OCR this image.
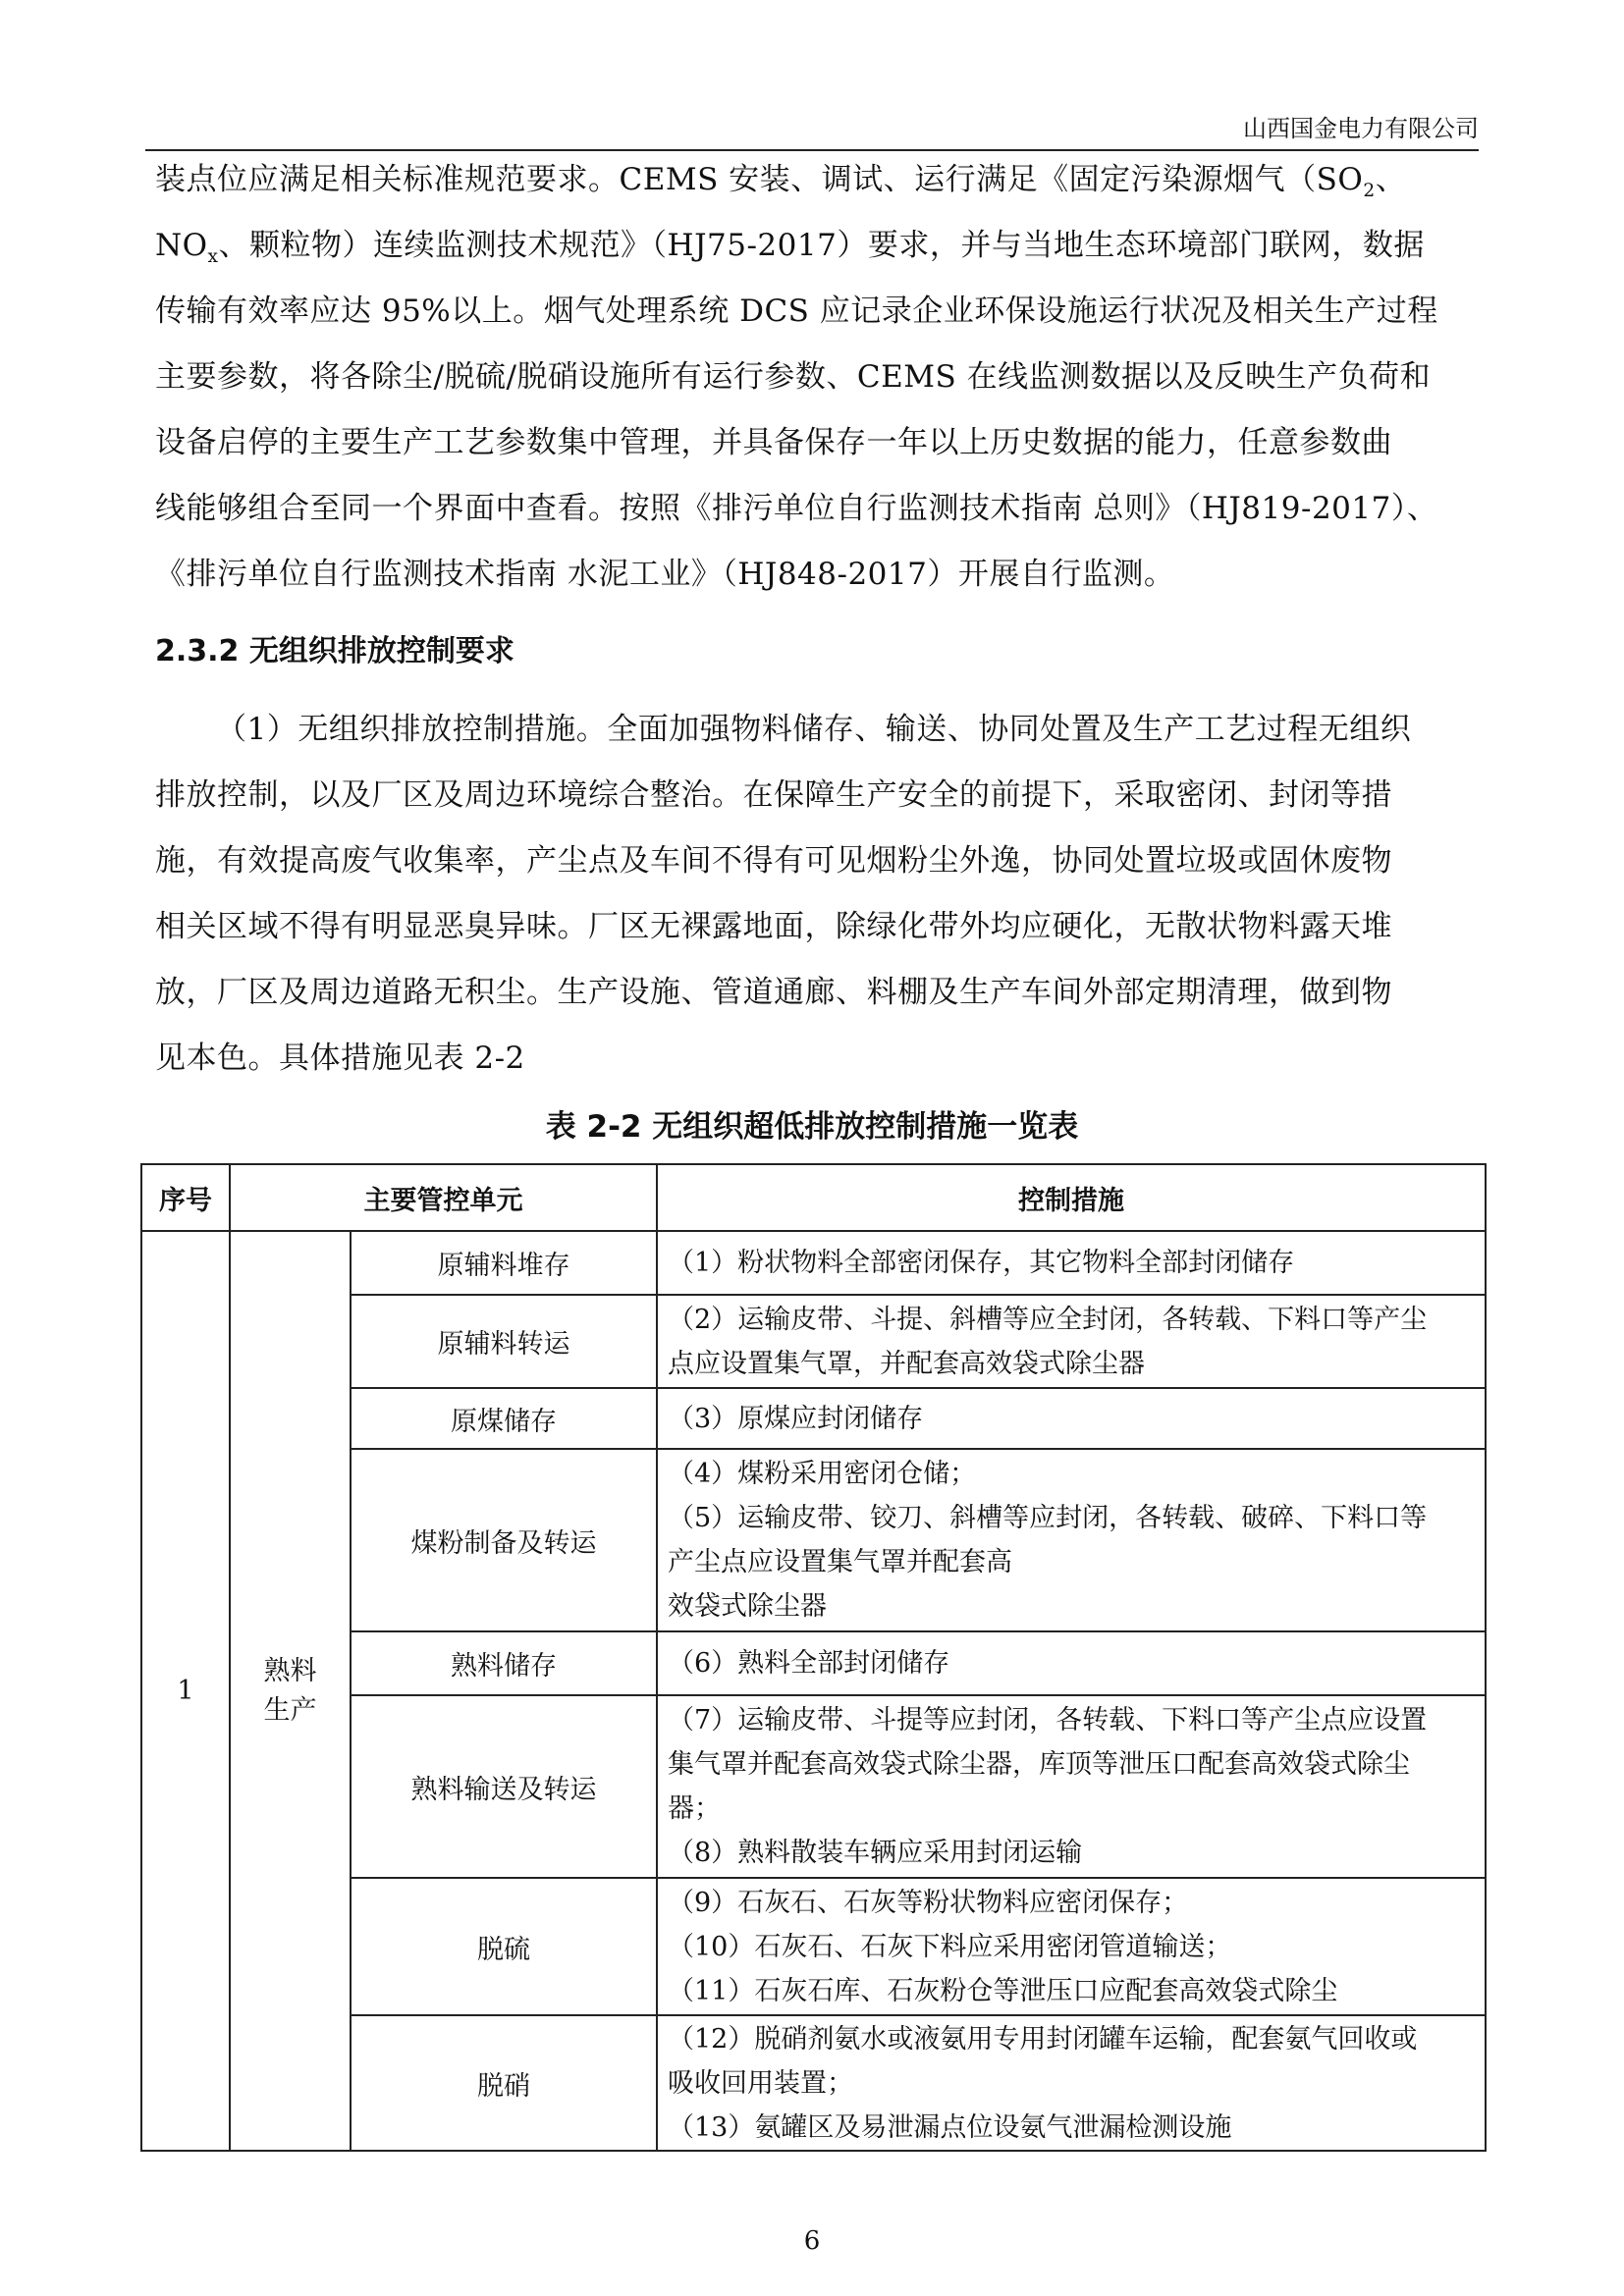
山西国金电力有限公司
装点位应满足相关标准规范要求。CEMS 安装、调试、运行满足《固定污染源烟气（$SO_2$、
$NO_x$、颗粒物）连续监测技术规范》（HJ75-2017）要求，并与当地生态环境部门联网，数据
传输有效率应达 95%以上。烟气处理系统 DCS 应记录企业环保设施运行状况及相关生产过程
主要参数，将各除尘/脱硫/脱硝设施所有运行参数、CEMS 在线监测数据以及反映生产负荷和
设备启停的主要生产工艺参数集中管理，并具备保存一年以上历史数据的能力，任意参数曲
线能够组合至同一个界面中查看。按照《排污单位自行监测技术指南 总则》（HJ819-2017）、
《排污单位自行监测技术指南 水泥工业》（HJ848-2017）开展自行监测。
2.3.2 无组织排放控制要求
（1）无组织排放控制措施。全面加强物料储存、输送、协同处置及生产工艺过程无组织
排放控制，以及厂区及周边环境综合整治。在保障生产安全的前提下，采取密闭、封闭等措
施，有效提高废气收集率，产尘点及车间不得有可见烟粉尘外逸，协同处置垃圾或固休废物
相关区域不得有明显恶臭异味。厂区无裸露地面，除绿化带外均应硬化，无散状物料露天堆
放，厂区及周边道路无积尘。生产设施、管道通廊、料棚及生产车间外部定期清理，做到物
见本色。具体措施见表 2-2
表 2-2 无组织超低排放控制措施一览表
序号	主要管控单元		控制措施
1	熟料
生产	原辅料堆存	（1）粉状物料全部密闭保存，其它物料全部封闭储存

		原辅料转运	（2）运输皮带、斗提、斜槽等应全封闭，各转载、下料口等产尘
点应设置集气罩，并配套高效袋式除尘器

		原煤储存	（3）原煤应封闭储存

		煤粉制备及转运	（4）煤粉采用密闭仓储；
（5）运输皮带、铰刀、斜槽等应封闭，各转载、破碎、下料口等
产尘点应设置集气罩并配套高
效袋式除尘器

		熟料储存	（6）熟料全部封闭储存

		熟料输送及转运	（7）运输皮带、斗提等应封闭，各转载、下料口等产尘点应设置
集气罩并配套高效袋式除尘器，库顶等泄压口配套高效袋式除尘
器；
（8）熟料散装车辆应采用封闭运输

		脱硫	（9）石灰石、石灰等粉状物料应密闭保存；
（10）石灰石、石灰下料应采用密闭管道输送；
（11）石灰石库、石灰粉仓等泄压口应配套高效袋式除尘

		脱硝	（12）脱硝剂氨水或液氨用专用封闭罐车运输，配套氨气回收或
吸收回用装置；
（13）氨罐区及易泄漏点位设氨气泄漏检测设施
6
